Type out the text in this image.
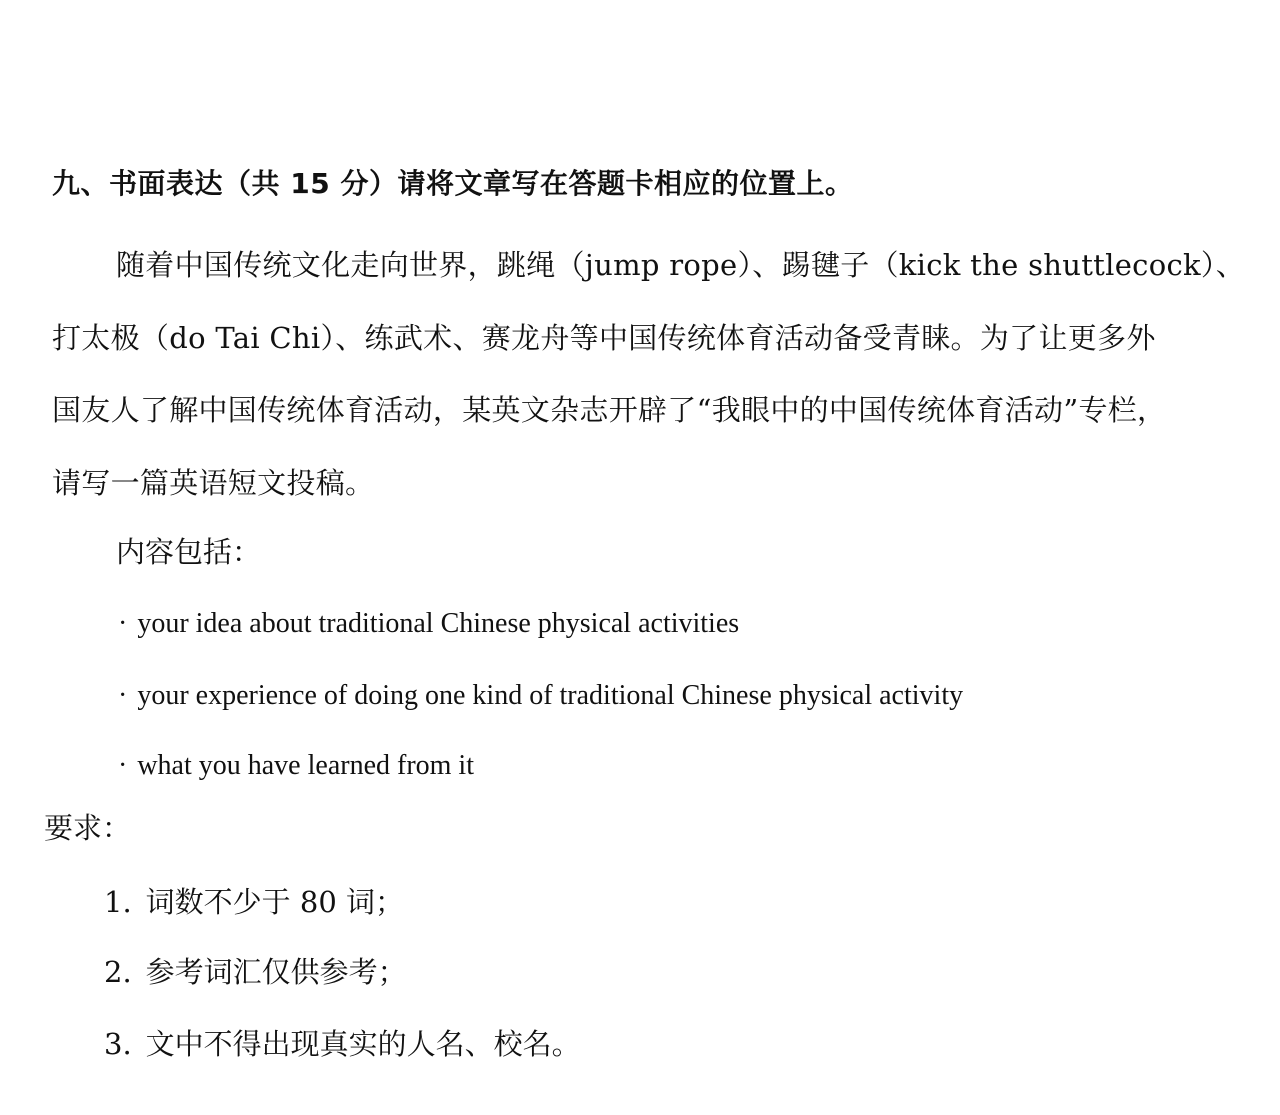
九、书面表达（共 15 分）请将文章写在答题卡相应的位置上。
随着中国传统文化走向世界，跳绳（jump rope）、踢毽子（kick the shuttlecock）、
打太极（do Tai Chi）、练武术、赛龙舟等中国传统体育活动备受青睐。为了让更多外
国友人了解中国传统体育活动，某英文杂志开辟了“我眼中的中国传统体育活动”专栏，
请写一篇英语短文投稿。
内容包括：
· your idea about traditional Chinese physical activities
· your experience of doing one kind of traditional Chinese physical activity
· what you have learned from it
要求：
1. 词数不少于 80 词；
2. 参考词汇仅供参考；
3. 文中不得出现真实的人名、校名。
